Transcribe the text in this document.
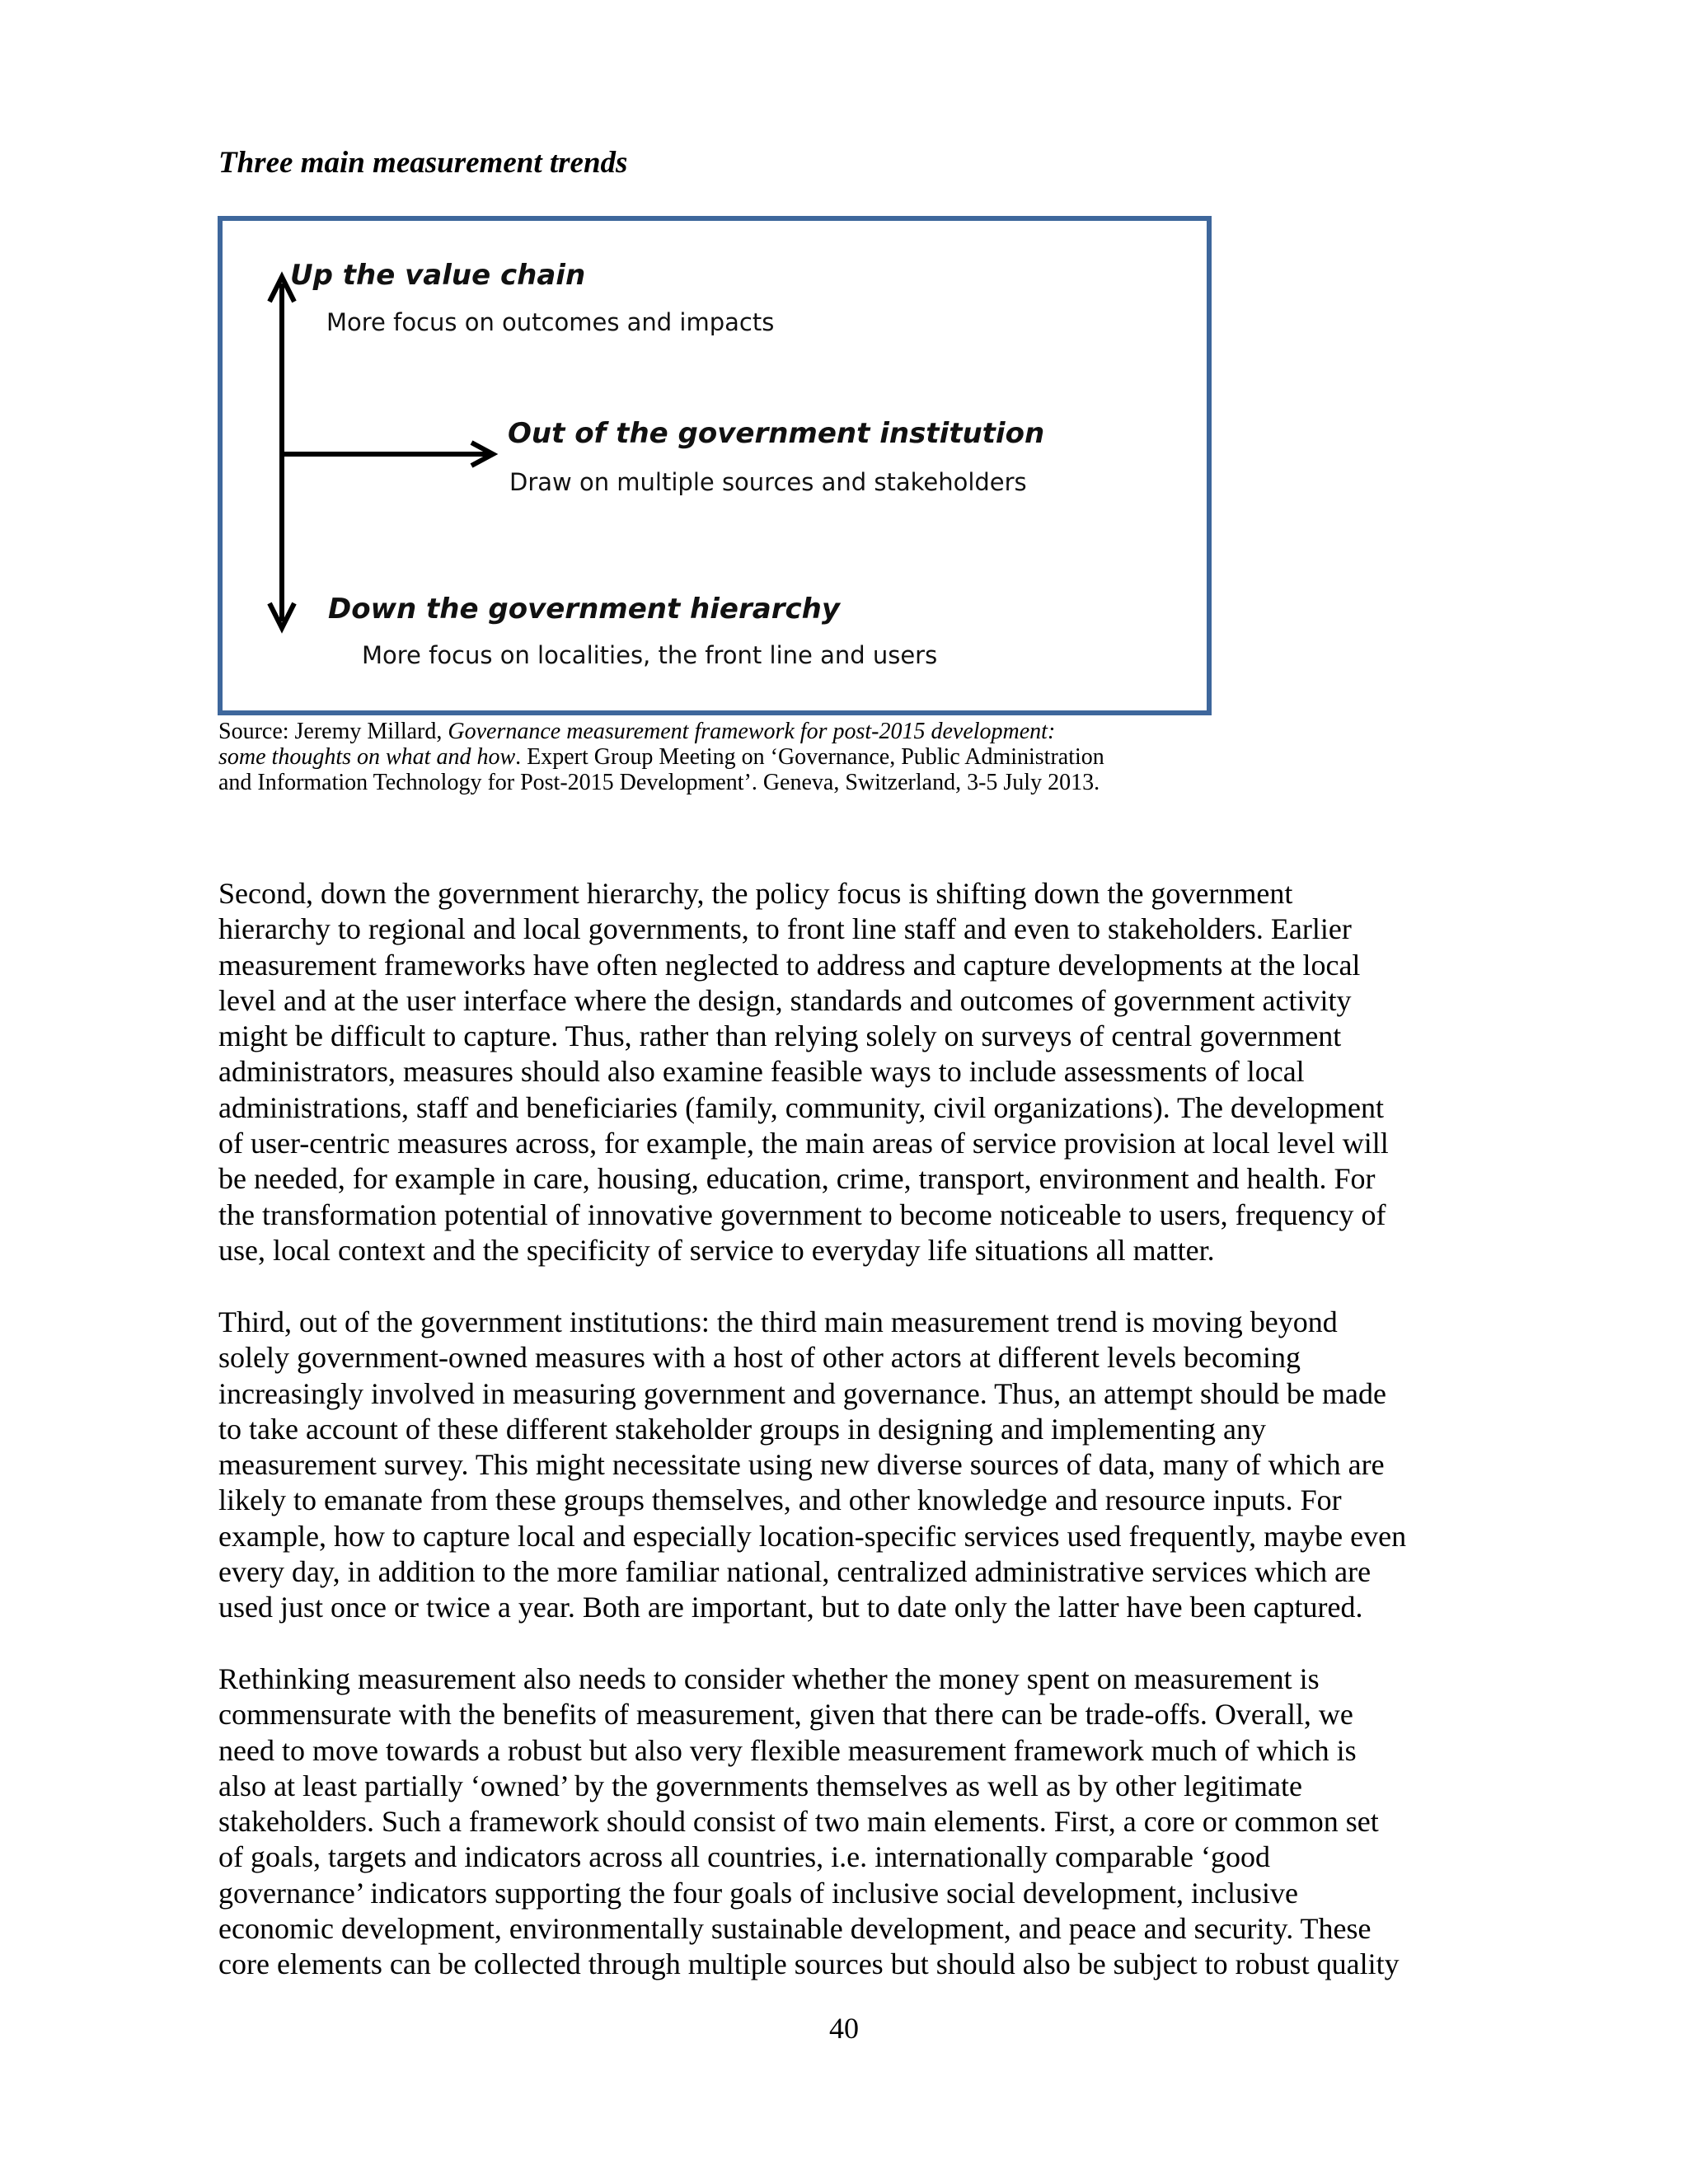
Three main measurement trends
Up the value chain
More focus on outcomes and impacts
Out of the government institution
Draw on multiple sources and stakeholders
Down the government hierarchy
More focus on localities, the front line and users
Source: Jeremy Millard, Governance measurement framework for post-2015 development:
some thoughts on what and how. Expert Group Meeting on ‘Governance, Public Administration
and Information Technology for Post-2015 Development’. Geneva, Switzerland, 3-5 July 2013.
Second, down the government hierarchy, the policy focus is shifting down the government
hierarchy to regional and local governments, to front line staff and even to stakeholders. Earlier
measurement frameworks have often neglected to address and capture developments at the local
level and at the user interface where the design, standards and outcomes of government activity
might be difficult to capture. Thus, rather than relying solely on surveys of central government
administrators, measures should also examine feasible ways to include assessments of local
administrations, staff and beneficiaries (family, community, civil organizations). The development
of user-centric measures across, for example, the main areas of service provision at local level will
be needed, for example in care, housing, education, crime, transport, environment and health. For
the transformation potential of innovative government to become noticeable to users, frequency of
use, local context and the specificity of service to everyday life situations all matter.
Third, out of the government institutions: the third main measurement trend is moving beyond
solely government-owned measures with a host of other actors at different levels becoming
increasingly involved in measuring government and governance. Thus, an attempt should be made
to take account of these different stakeholder groups in designing and implementing any
measurement survey. This might necessitate using new diverse sources of data, many of which are
likely to emanate from these groups themselves, and other knowledge and resource inputs. For
example, how to capture local and especially location-specific services used frequently, maybe even
every day, in addition to the more familiar national, centralized administrative services which are
used just once or twice a year. Both are important, but to date only the latter have been captured.
Rethinking measurement also needs to consider whether the money spent on measurement is
commensurate with the benefits of measurement, given that there can be trade-offs. Overall, we
need to move towards a robust but also very flexible measurement framework much of which is
also at least partially ‘owned’ by the governments themselves as well as by other legitimate
stakeholders. Such a framework should consist of two main elements. First, a core or common set
of goals, targets and indicators across all countries, i.e. internationally comparable ‘good
governance’ indicators supporting the four goals of inclusive social development, inclusive
economic development, environmentally sustainable development, and peace and security. These
core elements can be collected through multiple sources but should also be subject to robust quality
40
